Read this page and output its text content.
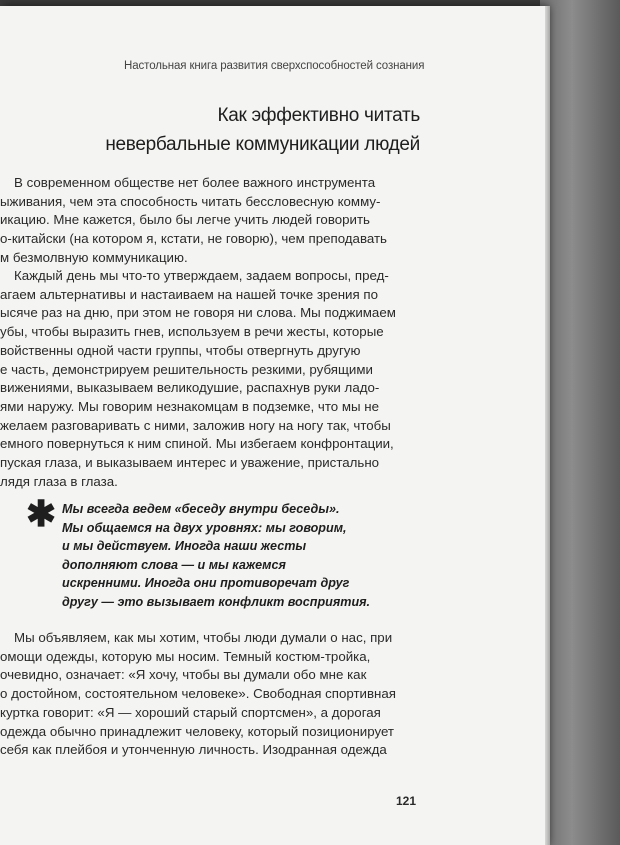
Настольная книга развития сверхспособностей сознания
Как эффективно читать
невербальные коммуникации людей
В современном обществе нет более важного инструмента
ыживания, чем эта способность читать бессловесную комму-
икацию. Мне кажется, было бы легче учить людей говорить
о-китайски (на котором я, кстати, не говорю), чем преподавать
м безмолвную коммуникацию.
Каждый день мы что-то утверждаем, задаем вопросы, пред-
агаем альтернативы и настаиваем на нашей точке зрения по
ысяче раз на дню, при этом не говоря ни слова. Мы поджимаем
убы, чтобы выразить гнев, используем в речи жесты, которые
войственны одной части группы, чтобы отвергнуть другую
е часть, демонстрируем решительность резкими, рубящими
вижениями, выказываем великодушие, распахнув руки ладо-
ями наружу. Мы говорим незнакомцам в подземке, что мы не
желаем разговаривать с ними, заложив ногу на ногу так, чтобы
емного повернуться к ним спиной. Мы избегаем конфронтации,
пуская глаза, и выказываем интерес и уважение, пристально
лядя глаза в глаза.
✱ Мы всегда ведем «беседу внутри беседы».
Мы общаемся на двух уровнях: мы говорим,
и мы действуем. Иногда наши жесты
дополняют слова — и мы кажемся
искренними. Иногда они противоречат друг
другу — это вызывает конфликт восприятия.
Мы объявляем, как мы хотим, чтобы люди думали о нас, при
омощи одежды, которую мы носим. Темный костюм-тройка,
очевидно, означает: «Я хочу, чтобы вы думали обо мне как
о достойном, состоятельном человеке». Свободная спортивная
куртка говорит: «Я — хороший старый спортсмен», а дорогая
одежда обычно принадлежит человеку, который позиционирует
себя как плейбоя и утонченную личность. Изодранная одежда
121
